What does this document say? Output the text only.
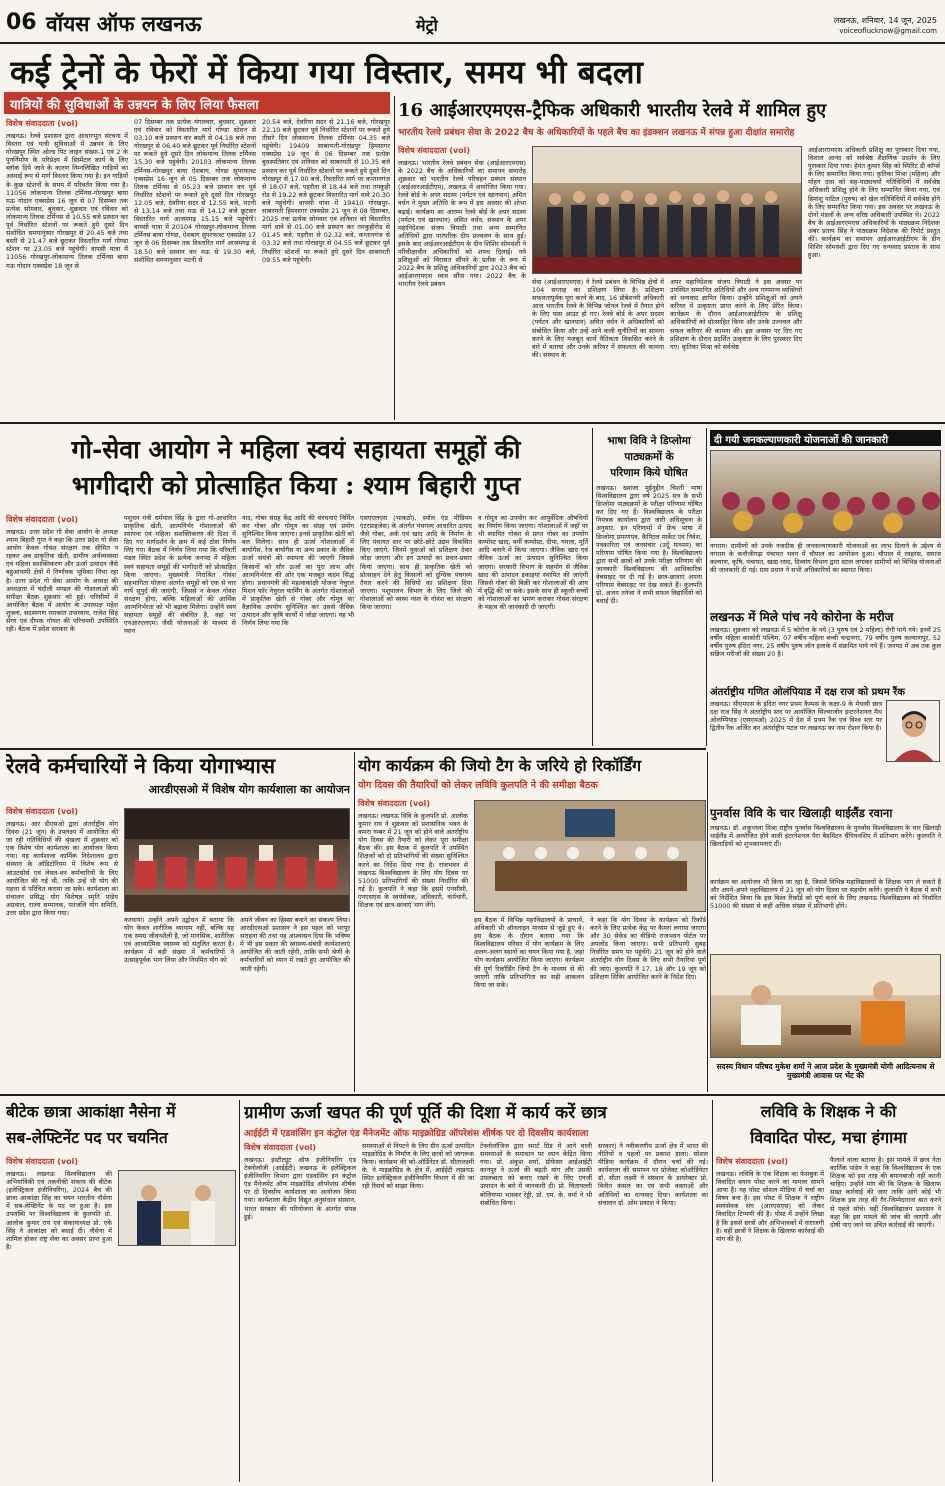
06 वॉयस ऑफ लखनऊ	मेट्रो	लखनऊ, शनिवार, 14 जून, 2025
voiceoflucknow@gmail.com
कई ट्रेनों के फेरों में किया गया विस्तार, समय भी बदला
यात्रियों की सुविधाओं के उन्नयन के लिए लिया फैसला
विशेष संवाददाता (vol)
लखनऊ। रेलवे प्रशासन द्वारा आधारभूत संरचना में विस्तार एवं यात्री सुविधाओं में उन्नयन के लिए गोरखपुर स्थित ओल्ड पिट लाइन संख्या-1 एवं 2 के पुनर्निर्माण के परिप्रेक्ष्य में डिस्मेंटल कार्य के लिए ब्लॉक दिये जाने के कारण निम्नलिखित गाड़ियों का अस्थाई रूप से मार्ग विस्तार किया गया है। इन गाड़ियों के कुछ स्टेशनों के समय में परिवर्तन किया गया है। 11056 लोकमान्य तिलक टर्मिनस-गोरखपुर बाया मऊ गोदान एक्सप्रेस 16 जून से 07 दिसम्बर तक प्रत्येक सोमवार, बुधवार, शुक्रवार एवं रविवार को लोकमान्य तिलक टर्मिनस से 10.55 बजे प्रस्थान कर पूर्व निर्धारित स्टेशनों पर रूकते हुये दूसरे दिन संशोधित समयानुसार गोरखपुर से 20.45 बजे तथा बस्ती से 21.47 बजे छूटकर विस्तारित मार्ग गोण्डा स्टेशन पर 23.05 बजे पहुंचेगी। वापसी यात्रा में 11056 गोरखपुर-लोकमान्य तिलक टर्मिनस बाया मऊ गोदान एक्सप्रेस 18 जून से
07 दिसम्बर तक प्रत्येक मंगलवार, बुधवार, शुक्रवार एवं रविवार को विस्तारित मार्ग गोण्डा स्टेशन से 03.10 बजे प्रस्थान कर बस्ती से 04.18 बजे तथा गोरखपुर से 06.40 बजे छूटकर पूर्व निर्धारित स्टेशनों पर रूकते हुये दूसरे दिन लोकमान्य तिलक टर्मिनस 15.30 बजे पहुंचेगी। 20103 लोकमान्य तिलक टर्मिनस-गोरखपुर बाया ऐशबाग, गोण्डा सुपरफास्ट एक्सप्रेस 16 जून से 05 दिसम्बर तक लोकमान्य तिलक टर्मिनस से 05.23 बजे प्रस्थान कर पूर्व निर्धारित स्टेशनों पर रूकते हुये दूसरे दिन गोरखपुर 12.05 बजे, देवरिया सदर से 12.55 बजे, भटनी से 13.14 बजे तथा मऊ से 14.12 बजे छूटकर विस्तारित मार्ग आजमगढ़ 15.15 बजे पहुंचेगी। वापसी यात्रा में 20104 गोरखपुर-लोकमान्य तिलक टर्मिनस बाया गोण्डा, ऐशबाग सुपरफास्ट एक्सप्रेस 17 जून से 06 दिसम्बर तक विस्तारित मार्ग आजमगढ़ से 18.50 बजे प्रस्थान कर मऊ से 19.30 बजे, संशोधित समयानुसार भटनी से
20.54 बजे, देवरिया सदर से 21.16 बजे, गोरखपुर 22.10 बजे छूटकर पूर्व निर्धारित स्टेशनों पर रूकते हुये तीसरे दिन लोकमान्य तिलक टर्मिनस 04.35 बजे पहुंचेगी। 19409 साबरमती-गोरखपुर हिमसागर एक्सप्रेस 19 जून से 06 दिसम्बर तक प्रत्येक बुधस्पतिवार एवं शनिवार को साबरमती से 10.35 बजे प्रस्थान कर पूर्व निर्धारित स्टेशनों पर रूकते हुये दूसरे दिन गोरखपुर से 17.00 बजे, रिस्तारित मार्ग पर कप्तानगंज से 18.07 बजे, पड़रौना से 18.44 बजे तथा तमकुही रोड से 19.22 बजे छूटकर विस्तारित मार्ग थावे 20.30 बजे पहुंचेगी। वापसी यात्रा में 19410 गोरखपुर-साबरमती हिमसागर एक्सप्रेस 21 जून से 08 दिसम्बर, 2025 तक प्रत्येक सोमवार एवं शनिवार को विस्तारित मार्ग थावे से 01.00 बजे प्रस्थान कर तमकुहीरोड से 01.45 बजे, पड़रौना से 02.32 बजे, कप्तानगंज से 03.32 बजे तथा गोरखपुर से 04.55 बजे छूटकर पूर्व निर्धारित स्टेशनों पर रूकते हुये दूसरे दिन साबरमती 09.55 बजे पहुंचेगी।
16 आईआरएमएस-ट्रैफिक अधिकारी भारतीय रेलवे में शामिल हुए
भारतीय रेलवे प्रबंधन सेवा के 2022 बैच के अधिकारियों के पहले बैच का इंडक्शन लखनऊ में संपन्न हुआ दीक्षांत समारोह
विशेष संवाददाता (vol)
लखनऊ। भारतीय रेलवे प्रबंधन सेवा (आईआरएमएस) के 2022 बैच के अधिकारियों का समापन समारोह शुक्रवार को भारतीय रेलवे परिवहन प्रबंधन संस्थान (आईआरआईटीएम), लखनऊ में आयोजित किया गया। रेलवे बोर्ड के अपर सदस्य (पर्यटन एवं खानपान) अमित वर्धन ने मुख्य अतिथि के रूप में इस अवसर की शोभा बढ़ाई। कार्यक्रम का आरम्भ रेलवे बोर्ड के अपर सदस्य (पर्यटन एवं खानपान) अमित वर्धन, संस्थान के अपर महानिदेशक संजय त्रिपाठी तथा अन्य सम्मानित अतिथियों द्वारा पारंपरिक दीप प्रज्वलन के साथ हुई। इसके बाद आईआरआईटीएम के दीन शिशिर सोमवंशी ने परिवीक्षाधीन अधिकारियों को शपथ दिलाई। नये प्रशिक्षुओं को विरासत सौंपने के प्रतीक के रूप में 2022 बैच के प्रशिक्षु अधिकारियों द्वारा 2023 बैच को आईआरएमएस ध्वज सौंपा गया। 2022 बैच के भारतीय रेलवे प्रबंधन	सेवा (आईआरएमएस) ने रेलवे प्रबंधन के विभिन्न क्षेत्रों में 104 सप्ताह का प्रशिक्षण लिया है। प्रशिक्षण सफलतापूर्वक पूरा करने के बाद, 16 प्रोबेशनरी अधिकारी आज भारतीय रेलवे के विभिन्न जोनल रेलवे में तैनात होने के लिए पास आउट हो गए। रेलवे बोर्ड के अपर सदस्य (पर्यटन और खानपान) अमित वर्धन ने अधिकारियों को संबोधित किया और उन्हें आने वाली चुनौतियों का सामना करने के लिए मजबूत कार्य नैतिकता विकसित करने के बारे में बताया और उनके करियर में सफलता की कामना की। संस्थान के
अपर महानिदेशक संजय त्रिपाठी ने इस अवसर पर उपस्थित सम्मानित अतिथियों और अन्य गणमान्य व्यक्तियों को धन्यवाद ज्ञापित किया। उन्होंने प्रशिक्षुओं को अपने करियर में उत्कृष्टता प्राप्त करने के लिए प्रेरित किया। कार्यक्रम के दौरान आईआरआईटीएम के प्रशिक्षु अधिकारियों को प्रोत्साहित किया और उनके उज्ज्वल और सफल करियर की कामना की। इस अवसर पर दिए गए प्रशिक्षण के दौरान प्रदर्शित उत्कृष्टता के लिए पुरस्कार दिए गए। कृतिका मिश्रा को सर्वश्रेष्ठ
आईआरएमएस अधिकारी प्रशिक्षु का पुरस्कार दिया गया, विशाल आनंद को सर्वश्रेष्ठ शैक्षणिक प्रदर्शन के लिए पुरस्कार दिया गया। हेमंत कुमार सिंह को स्पिरिट डी कॉर्प्स के लिए सम्मानित किया गया। कृतिका मिश्रा (महिला) और मोहन दास को सह-पाठ्यचर्या गतिविधियों में सर्वश्रेष्ठ अधिकारी प्रशिक्षु होने के लिए सम्मानित किया गया, एवं हिमांशु पाटिल (पुरुष) को खेल गतिविधियों में सर्वश्रेष्ठ होने के लिए सम्मानित किया गया। इस अवसर पर लखनऊ के दोनों मंडलों के अन्य वरिष्ठ अधिकारी उपस्थित थे। 2022 बैच के आईआरएमएस अधिकारियों के पाठ्यक्रम निदेशक अंबर प्रताप सिंह ने पाठ्यक्रम निदेशक की रिपोर्ट प्रस्तुत की। कार्यक्रम का समापन आईआरआईटीएम के डीन शिशिर सोमवंशी द्वारा दिए गए धन्यवाद प्रस्ताव के साथ हुआ।
गो-सेवा आयोग ने महिला स्वयं सहायता समूहों की
भागीदारी को प्रोत्साहित किया : श्याम बिहारी गुप्त
विशेष संवाददाता (vol)
लखनऊ। उत्तर प्रदेश गो सेवा आयोग के अध्यक्ष श्याम बिहारी गुप्त ने कहा कि उत्तर प्रदेश गो सेवा आयोग केवल गोवंश संरक्षण तक सीमित न रहकर अब प्राकृतिक खेती, ग्रामीण अर्थव्यवस्था एवं महिला सशक्तिकरण और ऊर्जा उत्पादन जैसे बहुआयामी क्षेत्रों में निर्णायक भूमिका निभा रहा है। उत्तर प्रदेश गो सेवा आयोग के अध्यक्ष की अध्यक्षता में चंदौली मण्डल की गोशालाओं की समीक्षा बैठक शुक्रवार को हुई। परिसीमों में आयोजित बैठक में आयोग के उपाध्यक्ष महेश शुक्ला, सदस्यगण रमाकांत उपाध्याय, राजेश सिंह सेंगर एवं दीपक गोयल की परिचयमी उपस्थिति रही। बैठक में प्रदेश सरकार के
पशुधन मंत्री धर्मपाल सिंह के द्वारा गो-आधारित प्राकृतिक खेती, आत्मनिर्भर गोशालाओं की स्थापना एवं महिला सशक्तिकरण की दिशा में दिए गए मार्गदर्शन के क्रम में कई ठोस निर्णय लिए गए। बैठक में निर्णय लिया गया कि परिवर्ती मंडल स्थित प्रदेश के प्रत्येक जनपद में महिला स्वयं सहायता समूहों की भागीदारी को प्रोत्साहित किया जाएगा। मुख्यमंत्री निराश्रित गोवंश सहभागिता योजना अंतर्गत समूहों को एक से चार गायें सुपुर्द की जाएंगी, जिससे न केवल गोवंश संरक्षण होगा, बल्कि महिलाओं की आर्थिक आत्मनिर्भरता को भी बढ़ावा मिलेगा। उन्होंने स्वयं सहायता समूहों की संबंधित है, वहां पर एनआरएलएम। जैसी योजनाओं के माध्यम से घ्यान
नाद, गोबर संग्रह केंद्र आदि की संरचनाएं निर्मित कर गोबर और गोमूत्र का संग्रह एवं प्रयोग सुनिश्चित किया जाएगा। इनसे प्राकृतिक खेती को बल मिलेगा। साथ ही ऊर्जा गोशालाओं में बायोगैस, रेज बायोगैस या अन्य प्रकार के जैविक ऊर्जा संयंत्रों की स्थापना की जाएगी जिससे किसानों को सौर ऊर्जा का पूरा लाभ और आत्मनिर्भरता की ओर एक मजबूत कदम सिद्ध होगा। प्रधानमंत्री की महत्वाकांक्षी योजना नेचुरल मिशन फॉर नेचुरल फार्मिंग के अंतर्गत गोशालाओं में प्राकृतिक खेती से गोबर और गोमूत्र का वैज्ञानिक उपयोग सुनिश्चित कर उससे जैविक उत्पादन और कृषि कार्यों में जोड़ा जाएगा। यह भी निर्णय लिया गया कि
एसएएलएस (भाकठो), स्मॉल एंड मीडियम एंटरप्राइजेस) के अंतर्गत पंचगव्य आधारित उत्पाद जैसे गोबर, अर्क एवं खाद आदि के निर्माण के लिए पंचायत स्तर पर छोटे-छोटे उद्यम विकसित किए जाएंगे, जिनमें युवाओं को प्रशिक्षण देकर जोड़ा जाएगा और इन उत्पादों का प्रचार-प्रसार किया जाएगा। साथ ही प्राकृतिक खेती को प्रोत्साहन देने हेतु किसानों को दुग्धिक पंचगव्य तैयार करने की विधियों का प्रशिक्षण दिया जाएगा। पशुपालन विभाग के लिए जिले की गोशालाओं को स्वस्थ नस्ल के गोवंश का संरक्षण किया जाएगा।
व गोमूत्र का उपयोग कर आयुर्वेदिक औषधियों का निर्माण किया जाएगा। गोशालाओं में जहाँ पर भी स्थापित गोवंश से प्राप्त गोबर का उपयोग कम्पोस्ट खाद, वर्मी कम्पोस्ट, दीया, गमला, मूर्ति आदि बनाने में किया जाएगा। जैविक खाद एवं जैविक ऊर्जा का उत्पादन सुनिश्चित किया जाएगा। सरकारी विभाग के सहयोग से जैविक खाद की उत्पादन इकाइयां स्थापित की जाएंगी जिससे गोबर की बिक्री कर गोशालाओं की आय में वृद्धि की जा सके। इसके साथ ही स्कूली बच्चों को गोशालाओं का भ्रमण कराकर गोवंश संरक्षण के महत्व की जानकारी दी जाएगी।
भाषा विवि ने डिप्लोमा
पाठ्यक्रमों के
परिणाम किये घोषित
लखनऊ। ख्वाजा मुईनुद्दीन चिश्ती भाषा विश्वविद्यालय द्वारा वर्ष 2025 सत्र के सभी डिप्लोमा पाठ्यक्रमों के परीक्षा परिणाम घोषित कर दिए गए हैं। विश्वविद्यालय के परीक्षा नियंत्रक कार्यालय द्वारा जारी अधिसूचना के अनुसार, इन परिणामों में फ्रेंच भाषा में डिप्लोमा प्रमाणपत्र, कैपिटल मार्केट एवं निवेश, पत्रकारिता एवं जनसंचार (उर्दू माध्यम) का परिणाम घोषित किया गया है। विश्वविद्यालय द्वारा सभी छात्रों को उनके परीक्षा परिणाम की जानकारी विश्वविद्यालय की आधिकारिक वेबसाइट पर दी गई है। छात्र-छात्राएं अपना परिणाम वेबसाइट पर देख सकते हैं। कुलपति प्रो. अजय तनेजा ने सभी सफल विद्यार्थियों को बधाई दी।
दी गयी जनकल्याणकारी योजनाओं की जानकारी
नगराम। ग्रामीणों को उनके नजदीक ही जनकल्याणकारी योजनाओं का लाभ दिलाने के उद्देश्य से नगराम के कनौजीगढ़ा पंचायत भवन में चौपाल का आयोजन हुआ। चौपाल में रवहरस, समाज कल्याण, कृषि, पंचायत, खाद्य रसद, दिव्यांग विभाग द्वारा स्टाल लगाकर ग्रामीणों को विभिन्न योजनाओं की जानकारी दी गई। ग्राम प्रधान ने सभी अधिकारियों का स्वागत किया।
लखनऊ में मिले पांच नये कोरोना के मरीज
लखनऊ। शुक्रवार को लखनऊ में 5 कोरोना के नये (3 पुरुष एवं 2 महिला) रोगी पाये गये। इनमें 25 वर्षीय महिला काकोरी पश्चिम, 07 वर्षीय महिला बच्ची चन्द्रनगर, 79 वर्षीय पुरुष कल्याणपुर, 52 वर्षीय पुरुष इंदिरा नगर, 25 वर्षीय पुरुष जोन इलाके में संक्रमित पाये गये हैं। जनपद में अब तक कुल सक्रिय मरीजों की संख्या 20 है।
अंतर्राष्ट्रीय गणित ओलंपियाड में दक्ष राज को प्रथम रैंक
लखनऊ। सीएमएस के इंदिरा नगर प्रथम कैम्पस के कक्षा-9 के मेधावी छात्र दक्ष राज सिंह ने अंतर्राष्ट्रीय स्तर पर आयोजित सिल्वरजोन इन्टरनेशनल मैथ ओलम्पियाड (एसएमओ) 2025 में देश में प्रथम रैंक एवं विश्व स्तर पर द्वितीय रैंक अर्जित कर अंतर्राष्ट्रीय पटल पर लखनऊ का नाम रोशन किया है।
पुनर्वास विवि के चार खिलाड़ी थाईलैंड रवाना
लखनऊ। डॉ. शकुन्तला मिश्रा राष्ट्रीय पुनर्वास विश्वविद्यालय के पुनर्वास विश्वविद्यालय के चार खिलाड़ी थाईलैंड में आयोजित होने वाली इंटरनेशनल पैरा बैडमिंटन चैंपियनशिप में प्रतिभाग करेंगे। कुलपति ने खिलाड़ियों को शुभकामनाएं दीं।
रेलवे कर्मचारियों ने किया योगाभ्यास
आरडीएसओ में विशेष योग कार्यशाला का आयोजन
विशेष संवाददाता (vol)
लखनऊ। आर डीएसओ द्वारा अंतर्राष्ट्रीय योग दिवस (21 जून) के उपलक्ष्य में आयोजित की जा रही गतिविधियों की श्रृंखला में शुक्रवार को एक विशेष योग कार्यशाला का आयोजन किया गया। यह कार्यशाला कार्मिक निदेशालय द्वारा संस्थान के ऑडिटोरियम में विशेष रूप से आउटसोर्स एवं लेवल-वन कर्मचारियों के लिए आयोजित की गई थी, ताकि उन्हें भी योग की महत्ता से परिचित कराया जा सके। कार्यशाला का संचालन प्रसिद्ध योग विशेषज्ञ स्मृति पांडेय अग्रवाल, राज्य सम्मानक, पतंजलि योग समिति, उत्तर प्रदेश द्वारा किया गया।
करवाया। उन्होंने अपने उद्बोधन में बताया कि योग केवल शारीरिक व्यायाम नहीं, बल्कि यह एक समग्र जीवनशैली है, जो मानसिक, शारीरिक एवं आध्यात्मिक स्वास्थ्य को संतुलित करता है। कार्यक्रम में बड़ी संख्या में कर्मचारियों ने उत्साहपूर्वक भाग लिया और नियमित योग को
अपने जीवन का हिस्सा बनाने का संकल्प लिया। आरडीएसओ प्रशासन ने इस पहल को भरपूर सराहना की तथा यह आश्वासन दिया कि भविष्य में भी इस प्रकार की स्वास्थ्य-संबंधी कार्यशालाएं आयोजित की जाती रहेंगी, ताकि सभी श्रेणी के कर्मचारियों को ध्यान में रखते हुए आयोजित की जाती रहेंगी।
योग कार्यक्रम की जियो टैग के जरिये हो रिकॉर्डिंग
योग दिवस की तैयारियों को लेकर लविवि कुलपति ने की समीक्षा बैठक
विशेष संवाददाता (vol)
लखनऊ। लखनऊ विवि के कुलपति प्रो. आलोक कुमार राय ने शुक्रवार को प्रशासनिक भवन के कमरा नम्बर में 21 जून को होने वाले अंतर्राष्ट्रीय योग दिवस की तैयारी को लेकर पूरा समीक्षा बैठक की। इस बैठक में कुलपति ने उपस्थित शिक्षकों को दो प्रतिभागियों की संख्या सुनिश्चित करने का निर्देश दिया गया है। राजभवन से लखनऊ विश्वविद्यालय के लिए योग दिवस पर 51000 प्रतिभागियों की संख्या निर्धारित की गई है। कुलपति ने कहा कि इसमें एनसीसी, एनएसएस के स्वयंसेवक, अधिकारी, कर्मचारी, शिक्षक एवं छात्र-छात्राएं भाग लेंगे।
इस बैठक में विभिन्न महाविद्यालयों के प्राचार्य, अधिकारी भी ऑनलाइन माध्यम से जुड़े हुए थे। इस बैठक के दौरान बताया गया कि विश्वविद्यालय परिसर में योग कार्यक्रम के लिए अलग-अलग स्थानों का चयन किया गया है, जहां योग कार्यक्रम आयोजित किया जाएगा। कार्यक्रम की पूर्ण रिकॉर्डिंग जियो टैग के माध्यम से की जाएगी ताकि प्रतिभागिता का सही आकलन किया जा सके।
ने कहा कि योग दिवस के कार्यक्रम को रिकॉर्ड करने के लिए प्रत्येक केंद्र पर कैमरा लगाया जाएगा और 30 सेकेंड का वीडियो राजभवन पोर्टल पर अपलोड किया जाएगा। सभी प्रतिभागी सुबह निर्धारित समय पर पहुंचेंगे। 21 जून को होने वाले अंतर्राष्ट्रीय योग दिवस के लिए सभी तैयारियां पूर्ण की जाएं। कुलपति ने 17, 18 और 19 जून को प्रशिक्षण शिविर आयोजित करने के निर्देश दिए।
कार्यक्रम का आयोजन भी किया जा रहा है, जिसमें विभिन्न महाविद्यालयों के शिक्षक भाग ले सकते हैं और अपने-अपने महाविद्यालय में 21 जून को योग दिवस पर सहयोग करेंगे। कुलपति ने बैठक में सभी को निर्देशित किया कि इस विश्व रिकॉर्ड को पूर्ण करने के लिए लखनऊ विश्वविद्यालय को निर्धारित 51000 की संख्या से कहीं अधिक संख्या में प्रतिभागी होंगे।
सदस्य विधान परिषद मुकेश शर्मा ने आज प्रदेश के मुख्यमंत्री योगी आदित्यनाथ से मुख्यमंत्री आवास पर भेंट की
बीटेक छात्रा आकांक्षा नैसेना में
सब-लेफ्टिनेंट पद पर चयनित
विशेष संवाददाता (vol)
लखनऊ। लखनऊ विश्वविद्यालय की अभियांत्रिकी एवं तकनीकी संकाय की बीटेक (इलेक्ट्रिकल इंजीनियरिंग), 2024 बैच की छात्रा आकांक्षा सिंह का चयन भारतीय नौसेना में सब-लेफ्टिनेंट के पद पर हुआ है। इस उपलब्धि पर विश्वविद्यालय के कुलपति प्रो. आलोक कुमार राय एवं संकायाध्यक्ष प्रो. एके सिंह ने आकांक्षा को बधाई दी। नौसेना में शामिल होकर राष्ट्र सेवा का अवसर प्राप्त हुआ है।
ग्रामीण ऊर्जा खपत की पूर्ण पूर्ति की दिशा में कार्य करें छात्र
आईईटी में एडवांसिंग इन कंट्रोल एंड मैनेजमेंट ऑफ माइक्रोग्रिड ऑपरेशंस शीर्षक पर दो दिवसीय कार्यशाला
विशेष संवाददाता (vol)
लखनऊ। इंस्टीट्यूट ऑफ इंजीनियरिंग एंड टेक्नोलॉजी (आईईटी) लखनऊ के इलेक्ट्रिकल इंजीनियरिंग विभाग द्वारा एडवांसिंग इन कंट्रोल एंड मैनेजमेंट ऑफ माइक्रोग्रिड ऑपरेशंस शीर्षक पर दो दिवसीय कार्यशाला का आयोजन किया गया। कार्यशाला केंद्रीय विद्युत अनुसंधान संस्थान, भारत सरकार की परियोजना के अंतर्गत संपन्न हुई।
समस्याओं से निपटने के लिए ग्रीन ऊर्जा उत्पादित माइक्रोग्रिड के निर्माण के लिए छात्रों को जागरूक किया। कार्यक्रम की को-ऑर्डिनेटर डॉ. सीतालक्ष्मी के. ने माइक्रोग्रिड के क्षेत्र में, आईईटी लखनऊ स्थित इलेक्ट्रिकल इंजीनियरिंग विभाग में की जा रही रिसर्च को साझा किया।
टेक्नोलॉजिज द्वारा स्मार्ट ग्रिड में आने वाली समस्याओं के समाधान पर ध्यान केंद्रित किया गया। प्रो. अंकुश शर्मा, प्रोफेसर आईआईटी कानपुर ने ऊर्जा की बढ़ती मांग और उसकी उपलब्धता को बनाए रखने के लिए एनर्जी उत्पादन के बारे में जानकारी दी। प्रो. चिंतापल्ली बोलियप्पा भास्कर रेड्डी, प्रो. एम. के. वर्मा ने भी संबोधित किया।
सरकार) ने नवीकरणीय ऊर्जा क्षेत्र में भारत की नीतियों व पहलों पर प्रकाश डाला। सोशल मीडिया कार्यक्रम में दौरान चर्चा की गई। कार्यशाला की समापन पर प्रोजेक्ट कोऑर्डिनेटर डॉ. सीता लक्ष्मी ने संस्थान के डायरेक्टर प्रो. विनीत कंसल का एवं सभी वक्ताओं और अतिथियों का धन्यवाद दिया। कार्यशाला का संचालन डॉ. ओम प्रकाश ने किया।
लविवि के शिक्षक ने की
विवादित पोस्ट, मचा हंगामा
विशेष संवाददाता (vol)
लखनऊ। लविवि के एक शिक्षक का फेसबुक में विवादित बयान पोस्ट करने का मामला सामने आया है। यह पोस्ट सोशल मीडिया में चर्चा का विषय बना है। इस पोस्ट में शिक्षक ने राष्ट्रीय स्वयंसेवक संघ (आरएसएस) को लेकर विवादित टिप्पणी की है। पोस्ट में उन्होंने लिखा है कि इससे छात्रों और अभिभावकों में नाराजगी है। वहीं छात्रों ने शिक्षक के खिलाफ कार्रवाई की मांग की है।
फैलाने वाला बताया है। इस मामले में छात्र नेता कार्तिक पांडेय ने कहा कि विश्वविद्यालय के एक शिक्षक को इस तरह की बयानबाजी नहीं करनी चाहिए। उन्होंने मांग की कि शिक्षक के खिलाफ सख्त कार्रवाई की जाए ताकि आगे कोई भी शिक्षक इस तरह की गैर-जिम्मेदाराना बात करने से पहले सोचे। वहीं विश्वविद्यालय प्रशासन ने कहा कि इस मामले की जांच की जाएगी और दोषी पाए जाने पर उचित कार्रवाई की जाएगी।
